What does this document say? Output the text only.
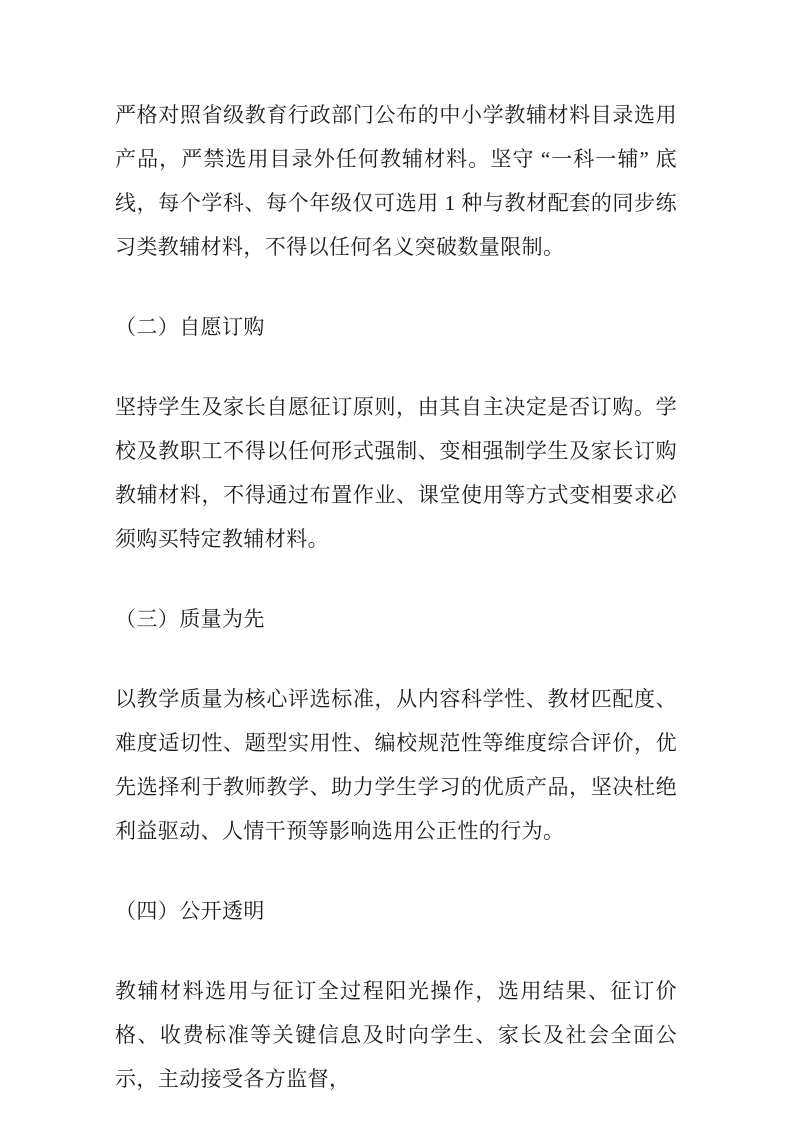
严格对照省级教育行政部门公布的中小学教辅材料目录选用产品，严禁选用目录外任何教辅材料。坚守 “一科一辅” 底线，每个学科、每个年级仅可选用 1 种与教材配套的同步练习类教辅材料，不得以任何名义突破数量限制。

（二）自愿订购

坚持学生及家长自愿征订原则，由其自主决定是否订购。学校及教职工不得以任何形式强制、变相强制学生及家长订购教辅材料，不得通过布置作业、课堂使用等方式变相要求必须购买特定教辅材料。

（三）质量为先

以教学质量为核心评选标准，从内容科学性、教材匹配度、难度适切性、题型实用性、编校规范性等维度综合评价，优先选择利于教师教学、助力学生学习的优质产品，坚决杜绝利益驱动、人情干预等影响选用公正性的行为。

（四）公开透明

教辅材料选用与征订全过程阳光操作，选用结果、征订价格、收费标准等关键信息及时向学生、家长及社会全面公示，主动接受各方监督，
